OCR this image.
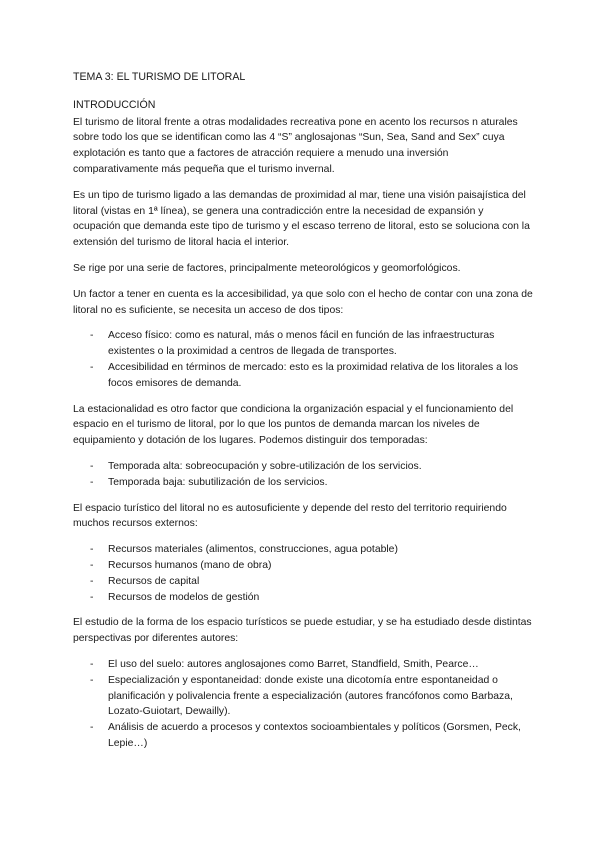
TEMA 3: EL TURISMO DE LITORAL
INTRODUCCIÓN

El turismo de litoral frente a otras modalidades recreativa pone en acento los recursos n aturales sobre todo los que se identifican como las 4 “S” anglosajonas “Sun, Sea, Sand and Sex” cuya explotación es tanto que a factores de atracción requiere a menudo una inversión comparativamente más pequeña que el turismo invernal.

Es un tipo de turismo ligado a las demandas de proximidad al mar, tiene una visión paisajística del litoral (vistas en 1ª línea), se genera una contradicción entre la necesidad de expansión y ocupación que demanda este tipo de turismo y el escaso terreno de litoral, esto se soluciona con la extensión del turismo de litoral hacia el interior.

Se rige por una serie de factores, principalmente meteorológicos y geomorfológicos.

Un factor a tener en cuenta es la accesibilidad, ya que solo con el hecho de contar con una zona de litoral no es suficiente, se necesita un acceso de dos tipos:

- Acceso físico: como es natural, más o menos fácil en función de las infraestructuras existentes o la proximidad a centros de llegada de transportes.
- Accesibilidad en términos de mercado: esto es la proximidad relativa de los litorales a los focos emisores de demanda.

La estacionalidad es otro factor que condiciona la organización espacial y el funcionamiento del espacio en el turismo de litoral, por lo que los puntos de demanda marcan los niveles de equipamiento y dotación de los lugares. Podemos distinguir dos temporadas:

- Temporada alta: sobreocupación y sobre-utilización de los servicios.
- Temporada baja: subutilización de los servicios.

El espacio turístico del litoral no es autosuficiente y depende del resto del territorio requiriendo muchos recursos externos:

- Recursos materiales (alimentos, construcciones, agua potable)
- Recursos humanos (mano de obra)
- Recursos de capital
- Recursos de modelos de gestión

El estudio de la forma de los espacio turísticos se puede estudiar, y se ha estudiado desde distintas perspectivas por diferentes autores:

- El uso del suelo: autores anglosajones como Barret, Standfield, Smith, Pearce…
- Especialización y espontaneidad: donde existe una dicotomía entre espontaneidad o planificación y polivalencia frente a especialización (autores francófonos como Barbaza, Lozato-Guiotart, Dewailly).
- Análisis de acuerdo a procesos y contextos socioambientales y políticos (Gorsmen, Peck, Lepie…)
